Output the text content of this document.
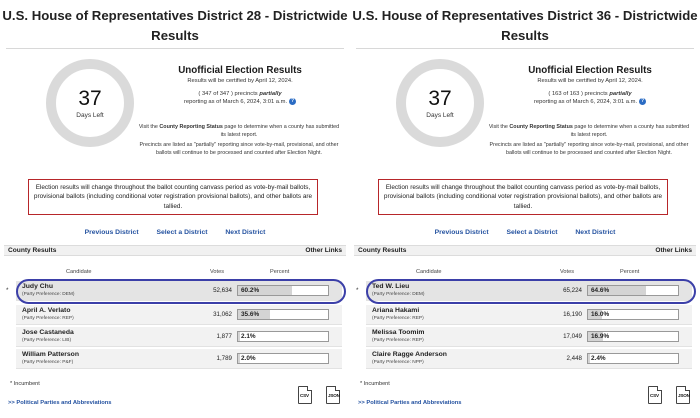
U.S. House of Representatives District 28 - Districtwide
Results
37
Days Left
Unofficial Election Results
Results will be certified by April 12, 2024.
( 347 of 347 ) precincts partially
reporting as of March 6, 2024, 3:01 a.m. ?
Visit the County Reporting Status page to determine when a county has submitted its latest report.
Precincts are listed as "partially" reporting since vote-by-mail, provisional, and other ballots will continue to be processed and counted after Election Night.
Election results will change throughout the ballot counting canvass period as vote-by-mail ballots, provisional ballots (including conditional voter registration provisional ballots), and other ballots are tallied.
Previous District	Select a District	Next District
County Results	Other Links
Candidate	Votes	Percent
*
Judy Chu
(Party Preference: DEM)
52,634 60.2%
April A. Verlato
(Party Preference: REP)
31,062 35.6%
Jose Castaneda
(Party Preference: LIB)
1,877 2.1%
William Patterson
(Party Preference: P&F)
1,789 2.0%
* Incumbent
>> Political Parties and Abbreviations
CSV	JSON
U.S. House of Representatives District 36 - Districtwide
Results
37
Days Left
Unofficial Election Results
Results will be certified by April 12, 2024.
( 163 of 163 ) precincts partially
reporting as of March 6, 2024, 3:01 a.m. ?
Visit the County Reporting Status page to determine when a county has submitted its latest report.
Precincts are listed as "partially" reporting since vote-by-mail, provisional, and other ballots will continue to be processed and counted after Election Night.
Election results will change throughout the ballot counting canvass period as vote-by-mail ballots, provisional ballots (including conditional voter registration provisional ballots), and other ballots are tallied.
Previous District	Select a District	Next District
County Results	Other Links
Candidate	Votes	Percent
*
Ted W. Lieu
(Party Preference: DEM)
65,224 64.6%
Ariana Hakami
(Party Preference: REP)
16,190 16.0%
Melissa Toomim
(Party Preference: REP)
17,049 16.9%
Claire Ragge Anderson
(Party Preference: NPP)
2,448 2.4%
* Incumbent
>> Political Parties and Abbreviations
CSV	JSON
